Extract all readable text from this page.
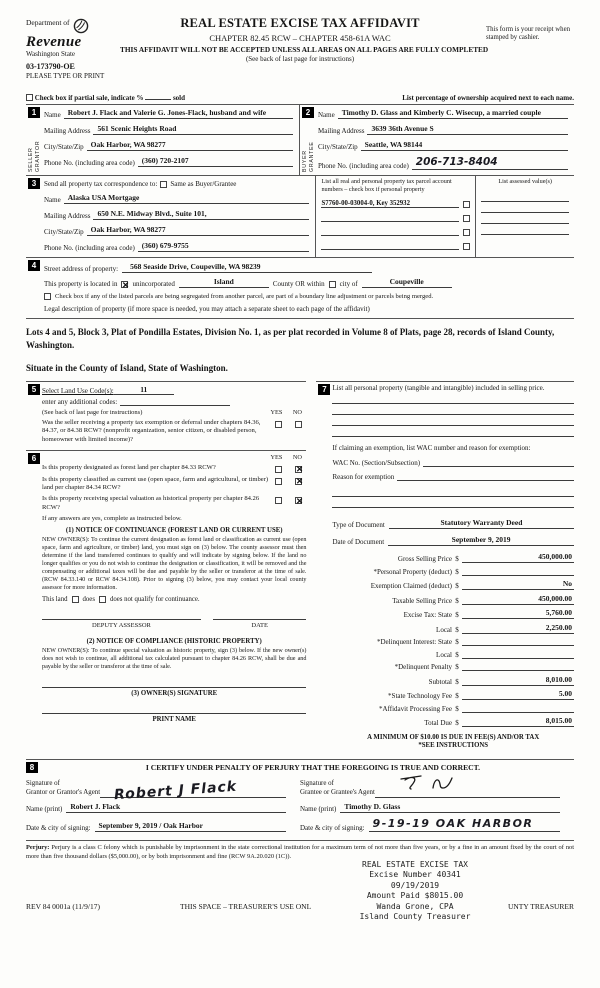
Department of
Revenue
Washington State
03-173790-OE
PLEASE TYPE OR PRINT
REAL ESTATE EXCISE TAX AFFIDAVIT
CHAPTER 82.45 RCW – CHAPTER 458-61A WAC
THIS AFFIDAVIT WILL NOT BE ACCEPTED UNLESS ALL AREAS ON ALL PAGES ARE FULLY COMPLETED
(See back of last page for instructions)
This form is your receipt when stamped by cashier.
Check box if partial sale, indicate %	sold	List percentage of ownership acquired next to each name.
1
SELLER GRANTOR
Name Robert J. Flack and Valerie G. Jones-Flack, husband and wife
Mailing Address 561 Scenic Heights Road
City/State/Zip Oak Harbor, WA 98277
Phone No. (including area code) (360) 720-2107
2
BUYER GRANTEE
Name Timothy D. Glass and Kimberly C. Wisecup, a married couple
Mailing Address 3639 36th Avenue S
City/State/Zip Seattle, WA 98144
Phone No. (including area code) 206-713-8404
3	Send all property tax correspondence to: Same as Buyer/Grantee
Name Alaska USA Mortgage
Mailing Address 650 N.E. Midway Blvd., Suite 101,
City/State/Zip Oak Harbor, WA 98277
Phone No. (including area code) (360) 679-9755
List all real and personal property tax parcel account numbers – check box if personal property
S7760-00-03004-0, Key 352932
List assessed value(s)
4	Street address of property:	568 Seaside Drive, Coupeville, WA 98239
This property is located in ✕ unincorporated	Island	County OR within city of	Coupeville
Check box if any of the listed parcels are being segregated from another parcel, are part of a boundary line adjustment or parcels being merged.
Legal description of property (if more space is needed, you may attach a separate sheet to each page of the affidavit)
Lots 4 and 5, Block 3, Plat of Pondilla Estates, Division No. 1, as per plat recorded in Volume 8 of Plats, page 28, records of Island County, Washington.
Situate in the County of Island, State of Washington.
5 Select Land Use Code(s):	11
enter any additional codes:
(See back of last page for instructions)	YES	NO
Was the seller receiving a property tax exemption or deferral under chapters 84.36, 84.37, or 84.38 RCW? (nonprofit organization, senior citizen, or disabled person, homeowner with limited income)?
6	YES	NO
Is this property designated as forest land per chapter 84.33 RCW?
✕
Is this property classified as current use (open space, farm and agricultural, or timber) land per chapter 84.34 RCW?
✕
Is this property receiving special valuation as historical property per chapter 84.26 RCW?
✕
If any answers are yes, complete as instructed below.
(1) NOTICE OF CONTINUANCE (FOREST LAND OR CURRENT USE)
NEW OWNER(S): To continue the current designation as forest land or classification as current use (open space, farm and agriculture, or timber) land, you must sign on (3) below. The county assessor must then determine if the land transferred continues to qualify and will indicate by signing below. If the land no longer qualifies or you do not wish to continue the designation or classification, it will be removed and the compensating or additional taxes will be due and payable by the seller or transferor at the time of sale. (RCW 84.33.140 or RCW 84.34.108). Prior to signing (3) below, you may contact your local county assessor for more information.
This land does does not qualify for continuance.
DEPUTY ASSESSOR	DATE
(2) NOTICE OF COMPLIANCE (HISTORIC PROPERTY)
NEW OWNER(S): To continue special valuation as historic property, sign (3) below. If the new owner(s) does not wish to continue, all additional tax calculated pursuant to chapter 84.26 RCW, shall be due and payable by the seller or transferor at the time of sale.
(3) OWNER(S) SIGNATURE
PRINT NAME
7 List all personal property (tangible and intangible) included in selling price.
If claiming an exemption, list WAC number and reason for exemption:
WAC No. (Section/Subsection)
Reason for exemption
Type of Document	Statutory Warranty Deed
Date of Document	September 9, 2019
Gross Selling Price $	450,000.00
*Personal Property (deduct) $
Exemption Claimed (deduct) $	No
Taxable Selling Price $	450,000.00
Excise Tax: State $	5,760.00
Local $	2,250.00
*Delinquent Interest: State $
Local $
*Delinquent Penalty $
Subtotal $	8,010.00
*State Technology Fee $	5.00
*Affidavit Processing Fee $
Total Due $	8,015.00
A MINIMUM OF $10.00 IS DUE IN FEE(S) AND/OR TAX
*SEE INSTRUCTIONS
8	I CERTIFY UNDER PENALTY OF PERJURY THAT THE FOREGOING IS TRUE AND CORRECT.
Signature of
Grantor or Grantor's Agent Robert J Flack	Signature of
Grantee or Grantee's Agent
Name (print)	Robert J. Flack	Name (print)	Timothy D. Glass
Date & city of signing:	September 9, 2019 / Oak Harbor	Date & city of signing: 9-19-19 OAK HARBOR
Perjury: Perjury is a class C felony which is punishable by imprisonment in the state correctional institution for a maximum term of not more than five years, or by a fine in an amount fixed by the court of not more than five thousand dollars ($5,000.00), or by both imprisonment and fine (RCW 9A.20.020 (1C)).
REAL ESTATE EXCISE TAX
Excise Number 40341
09/19/2019
Amount Paid $8015.00
Wanda Grone, CPA
Island County Treasurer
REV 84 0001a (11/9/17)	THIS SPACE – TREASURER'S USE ONL	UNTY TREASURER
